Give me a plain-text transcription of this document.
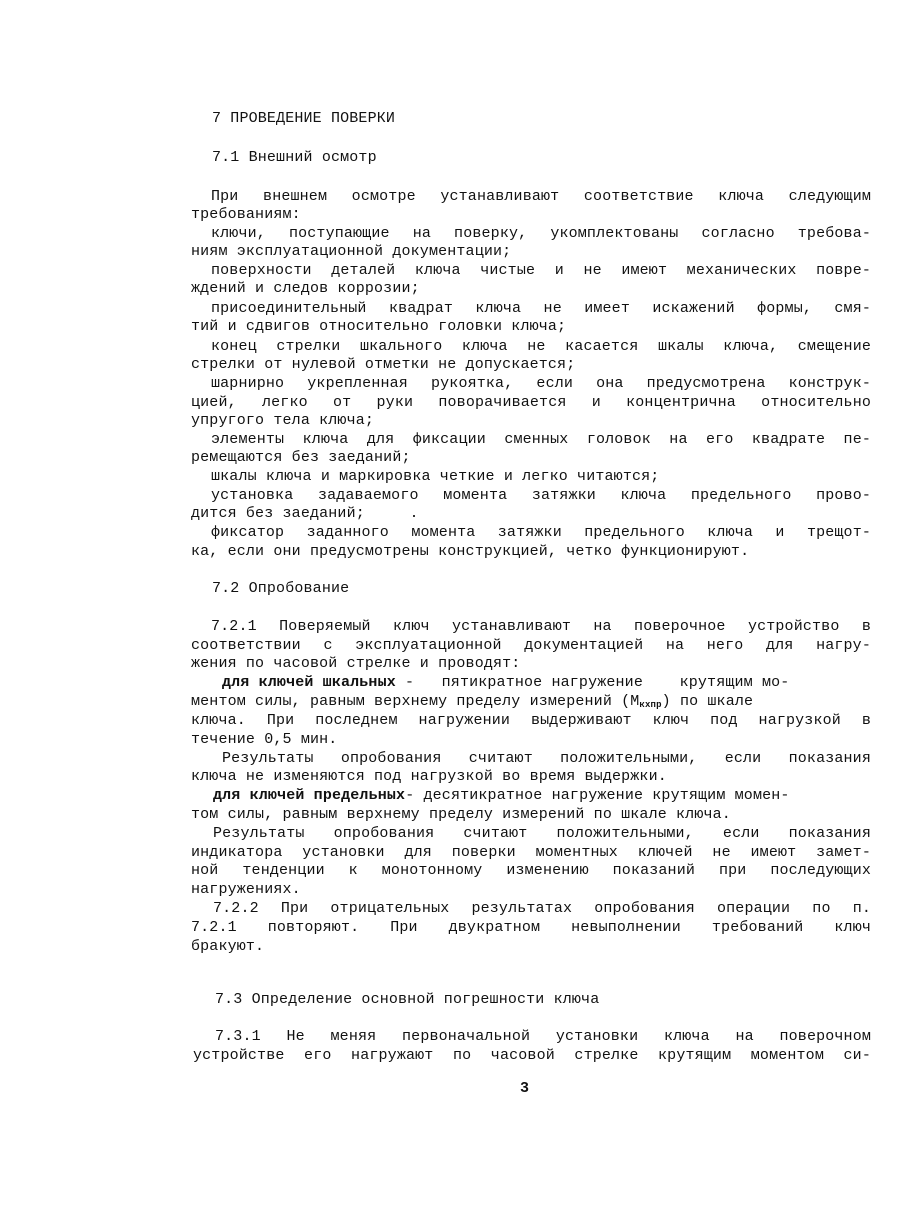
7 ПРОВЕДЕНИЕ ПОВЕРКИ
7.1 Внешний осмотр
При внешнем осмотре устанавливают соответствие ключа следующим
требованиям:
ключи, поступающие на поверку, укомплектованы согласно требова-
ниям эксплуатационной документации;
поверхности деталей ключа чистые и не имеют механических повре-
ждений и следов коррозии;
присоединительный квадрат ключа не имеет искажений формы, смя-
тий и сдвигов относительно головки ключа;
конец стрелки шкального ключа не касается шкалы ключа, смещение
стрелки от нулевой отметки не допускается;
шарнирно укрепленная рукоятка, если она предусмотрена конструк-
цией, легко от руки поворачивается и концентрична относительно
упругого тела ключа;
элементы ключа для фиксации сменных головок на его квадрате пе-
ремещаются без заеданий;
шкалы ключа и маркировка четкие и легко читаются;
установка задаваемого момента затяжки ключа предельного прово-
дится без заеданий;
фиксатор заданного момента затяжки предельного ключа и трещот-
ка, если они предусмотрены конструкцией, четко функционируют.
7.2 Опробование
7.2.1 Поверяемый ключ устанавливают на поверочное устройство в
соответствии с эксплуатационной документацией на него для нагру-
жения по часовой стрелке и проводят:
для ключей шкальных -   пятикратное нагружение    крутящим мо-
ментом силы, равным верхнему пределу измерений $(М_{кхпр})$ по шкале
ключа. При последнем нагружении выдерживают ключ под нагрузкой в
течение 0,5 мин.
Результаты опробования считают положительными, если показания
ключа не изменяются под нагрузкой во время выдержки.
для ключей предельных- десятикратное нагружение крутящим момен-
том силы, равным верхнему пределу измерений по шкале ключа.
Результаты опробования считают положительными, если показания
индикатора установки для поверки моментных ключей не имеют замет-
ной тенденции к монотонному изменению показаний при последующих
нагружениях.
7.2.2 При отрицательных результатах опробования операции по п.
7.2.1 повторяют. При двукратном невыполнении требований ключ
бракуют.
7.3 Определение основной погрешности ключа
7.3.1 Не меняя первоначальной установки ключа на поверочном
устройстве его нагружают по часовой стрелке крутящим моментом си-
3
